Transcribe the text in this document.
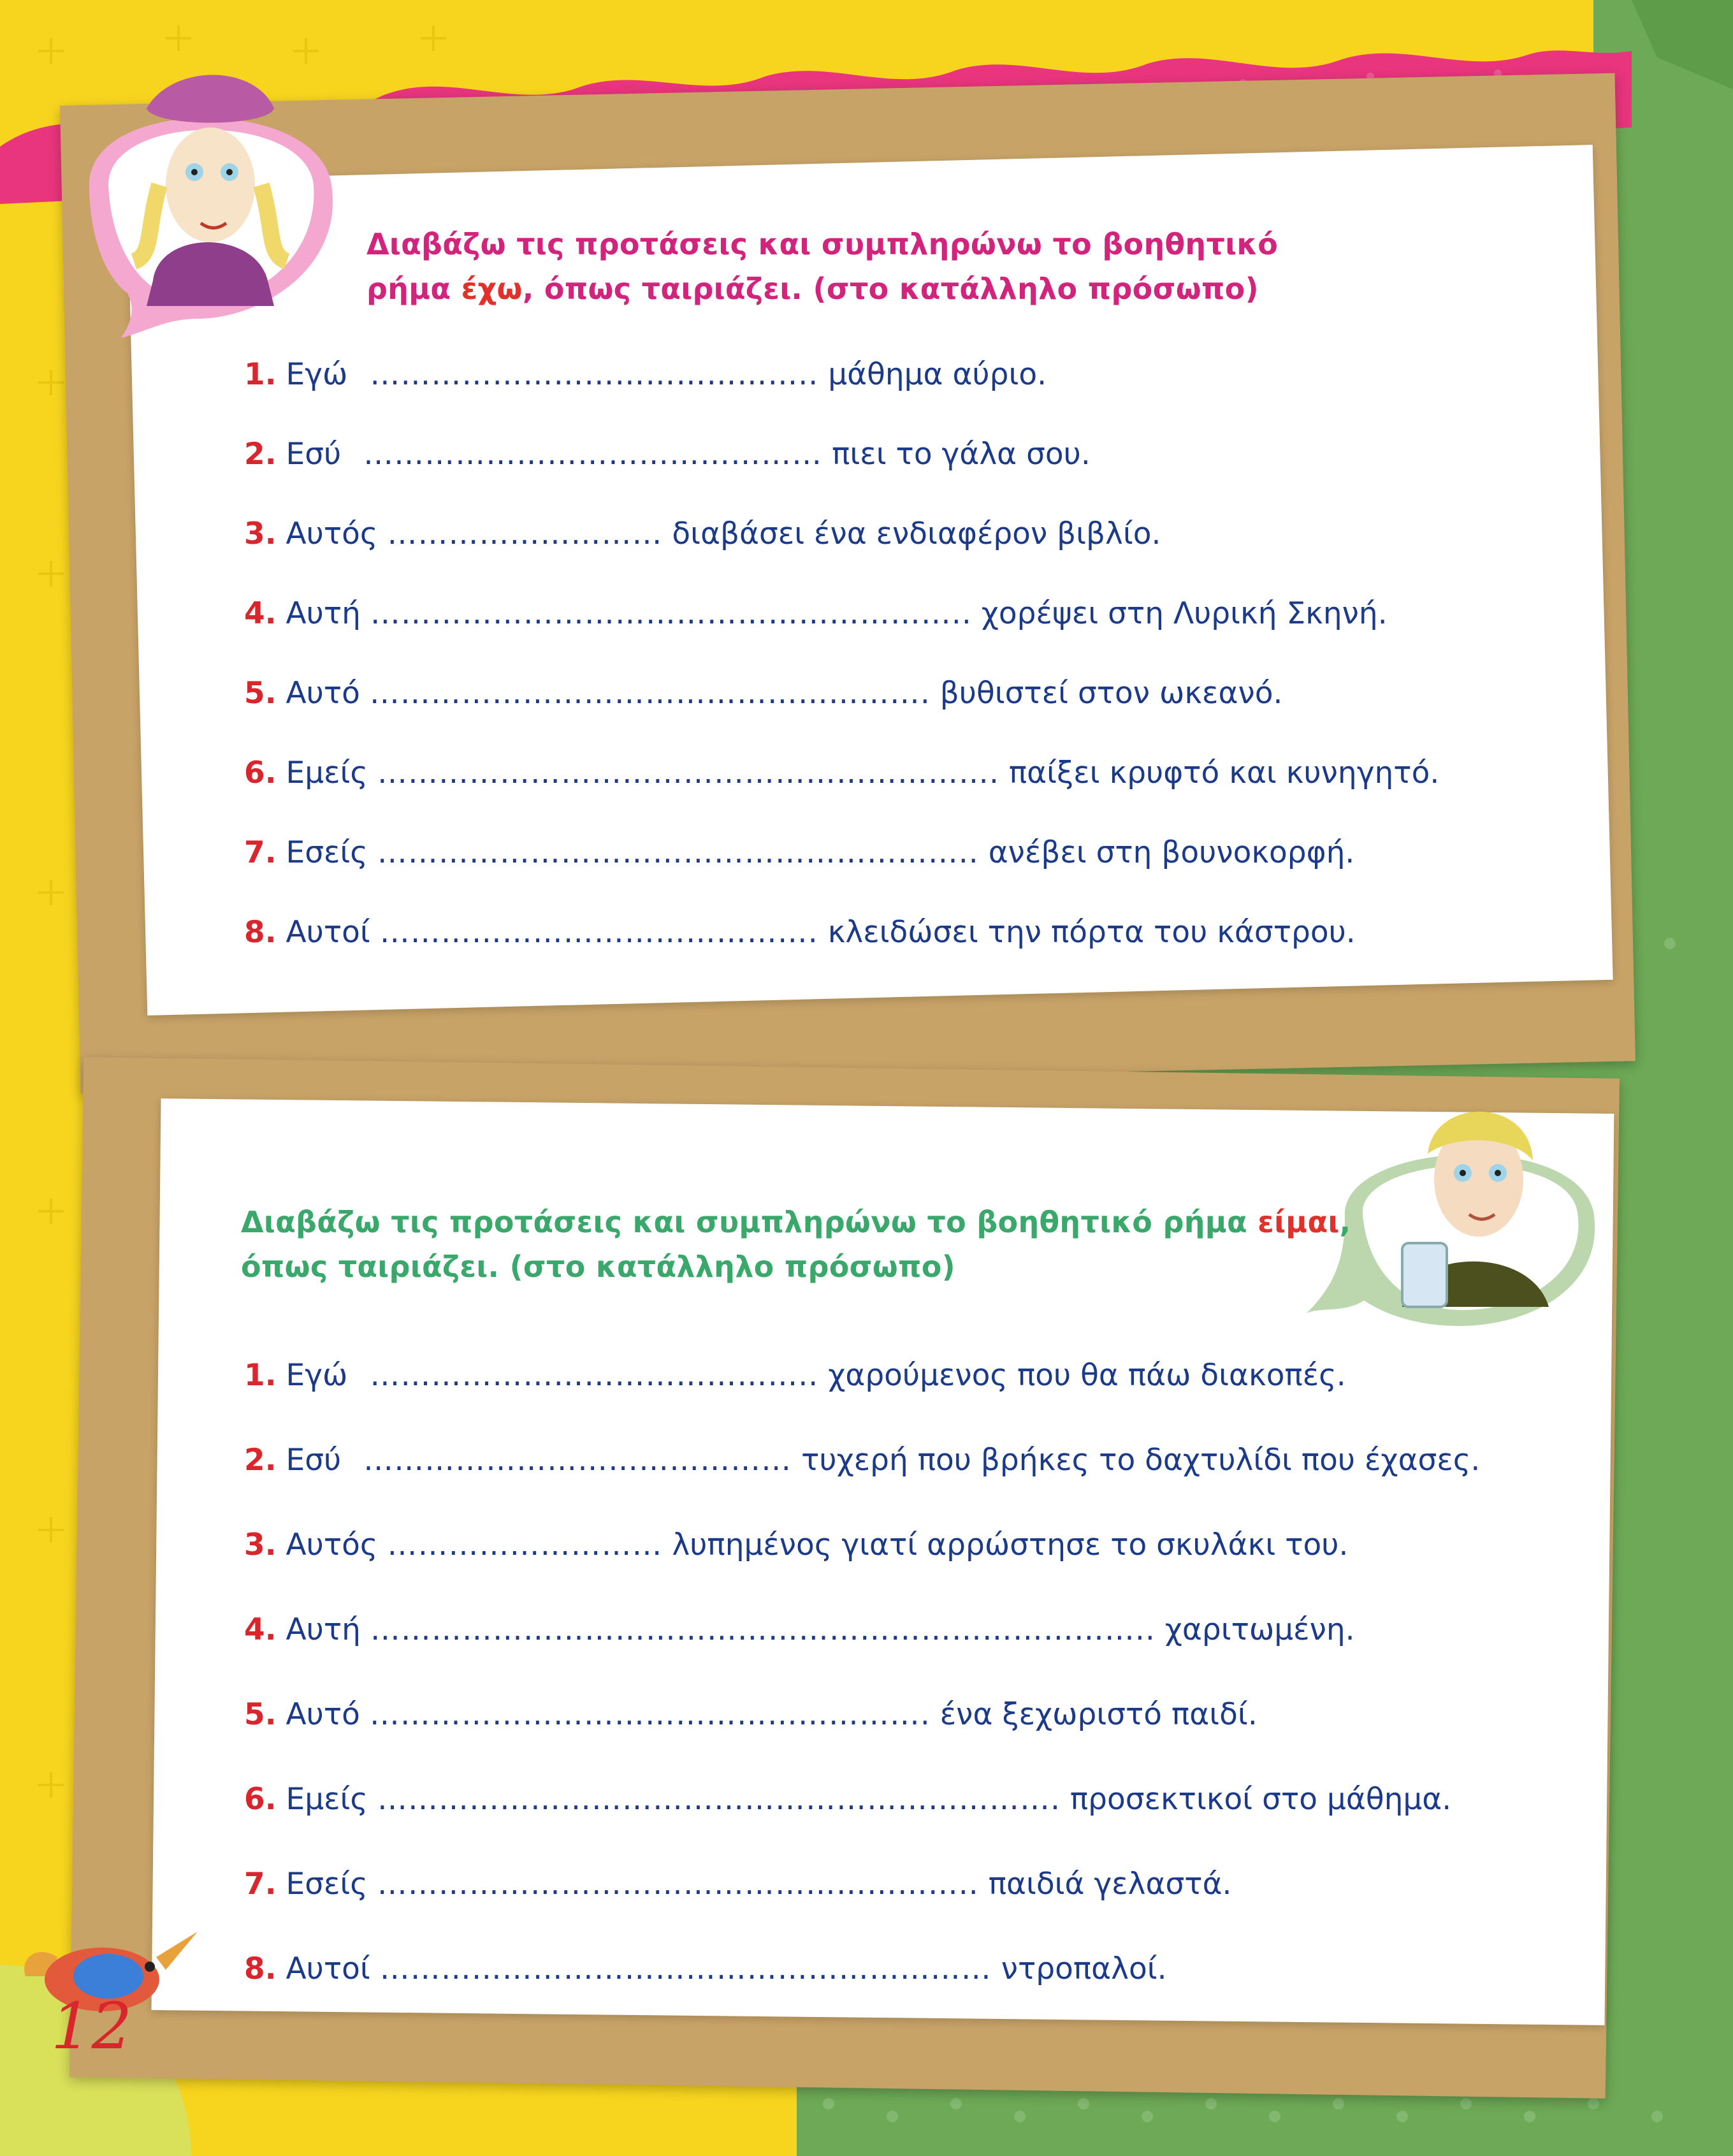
Διαβάζω τις προτάσεις και συμπληρώνω το βοηθητικό
ρήμα έχω, όπως ταιριάζει. (στο κατάλληλο πρόσωπο)
1. Εγώ …………………………………….. μάθημα αύριο.
2. Εσύ ……………………………………… πιει το γάλα σου.
3. Αυτός ……………………… διαβάσει ένα ενδιαφέρον βιβλίο.
4. Αυτή ………………………………………………….. χορέψει στη Λυρική Σκηνή.
5. Αυτό ………………………………………………. βυθιστεί στον ωκεανό.
6. Εμείς ……………………………………………………. παίξει κρυφτό και κυνηγητό.
7. Εσείς ………………………………………………….. ανέβει στη βουνοκορφή.
8. Αυτοί ……………………………………. κλειδώσει την πόρτα του κάστρου.
Διαβάζω τις προτάσεις και συμπληρώνω το βοηθητικό ρήμα είμαι,
όπως ταιριάζει. (στο κατάλληλο πρόσωπο)
1. Εγώ …………………………………….. χαρούμενος που θα πάω διακοπές.
2. Εσύ …………………………………… τυχερή που βρήκες το δαχτυλίδι που έχασες.
3. Αυτός ……………………… λυπημένος γιατί αρρώστησε το σκυλάκι του.
4. Αυτή ………………………………………………………………….. χαριτωμένη.
5. Αυτό ………………………………………………. ένα ξεχωριστό παιδί.
6. Εμείς …………………………………………………………. προσεκτικοί στο μάθημα.
7. Εσείς ………………………………………………….. παιδιά γελαστά.
8. Αυτοί …………………………………………………… ντροπαλοί.
12
